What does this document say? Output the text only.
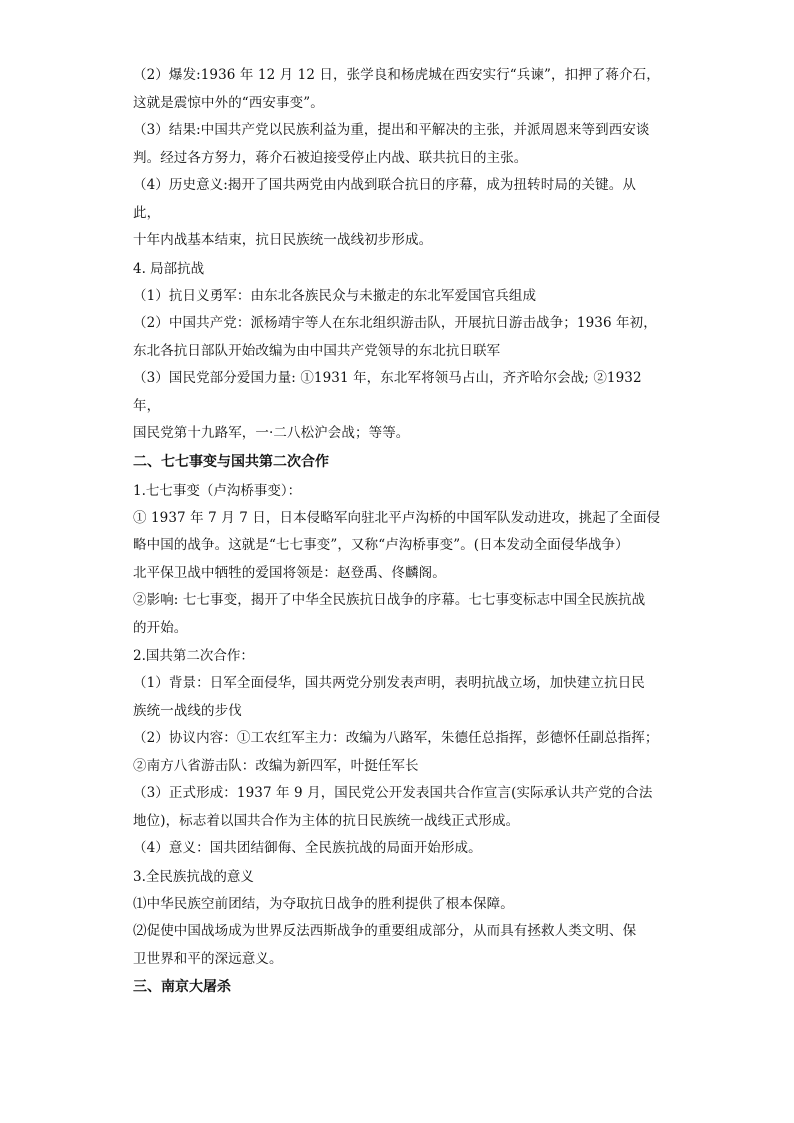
（2）爆发:1936 年 12 月 12 日，张学良和杨虎城在西安实行“兵谏”，扣押了蒋介石，

这就是震惊中外的“西安事变”。

（3）结果:中国共产党以民族利益为重，提出和平解决的主张，并派周恩来等到西安谈

判。经过各方努力，蒋介石被迫接受停止内战、联共抗日的主张。

（4）历史意义:揭开了国共两党由内战到联合抗日的序幕，成为扭转时局的关键。从此，

十年内战基本结束，抗日民族统一战线初步形成。

4. 局部抗战

（1）抗日义勇军：由东北各族民众与未撤走的东北军爱国官兵组成

（2）中国共产党：派杨靖宇等人在东北组织游击队，开展抗日游击战争；1936 年初，

东北各抗日部队开始改编为由中国共产党领导的东北抗日联军

（3）国民党部分爱国力量: ①1931 年，东北军将领马占山，齐齐哈尔会战; ②1932 年，

国民党第十九路军，一·二八松沪会战；等等。

二、七七事变与国共第二次合作

1.七七事变（卢沟桥事变）：

① 1937 年 7 月 7 日，日本侵略军向驻北平卢沟桥的中国军队发动进攻，挑起了全面侵

略中国的战争。这就是“七七事变”，又称“卢沟桥事变”。(日本发动全面侵华战争）

北平保卫战中牺牲的爱国将领是：赵登禹、佟麟阁。

②影响: 七七事变，揭开了中华全民族抗日战争的序幕。七七事变标志中国全民族抗战

的开始。

2.国共第二次合作：

（1）背景：日军全面侵华，国共两党分别发表声明，表明抗战立场，加快建立抗日民

族统一战线的步伐

（2）协议内容：①工农红军主力：改编为八路军，朱德任总指挥，彭德怀任副总指挥；

②南方八省游击队：改编为新四军，叶挺任军长

（3）正式形成：1937 年 9 月，国民党公开发表国共合作宣言(实际承认共产党的合法

地位)，标志着以国共合作为主体的抗日民族统一战线正式形成。

（4）意义：国共团结御侮、全民族抗战的局面开始形成。

3.全民族抗战的意义

⑴中华民族空前团结，为夺取抗日战争的胜利提供了根本保障。

⑵促使中国战场成为世界反法西斯战争的重要组成部分，从而具有拯救人类文明、保

卫世界和平的深远意义。

三、南京大屠杀
